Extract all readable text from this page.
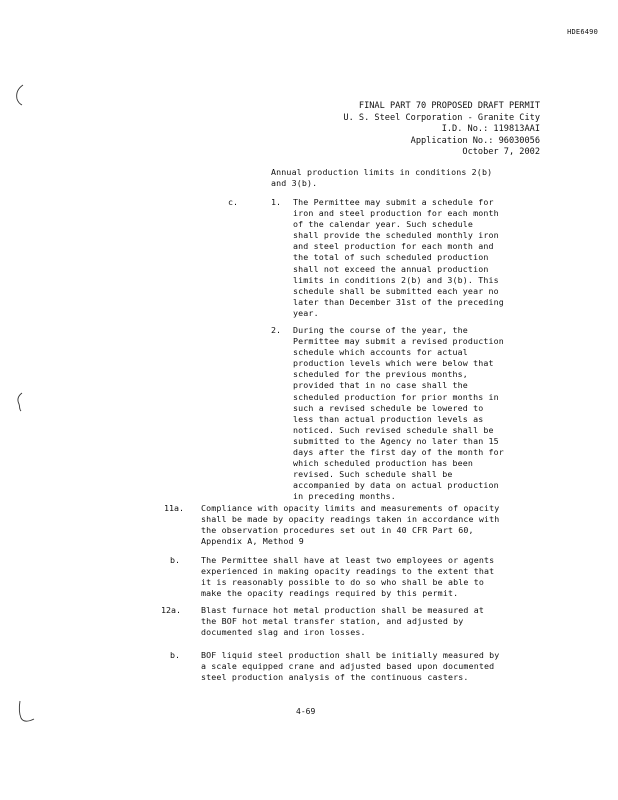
HDE6490
FINAL PART 70 PROPOSED DRAFT PERMIT
U. S. Steel Corporation - Granite City
I.D. No.: 119813AAI
Application No.: 96030056
October 7, 2002
Annual production limits in conditions 2(b)
and 3(b).
c.	1. The Permittee may submit a schedule for
iron and steel production for each month
of the calendar year. Such schedule
shall provide the scheduled monthly iron
and steel production for each month and
the total of such scheduled production
shall not exceed the annual production
limits in conditions 2(b) and 3(b). This
schedule shall be submitted each year no
later than December 31st of the preceding
year.
2. During the course of the year, the
Permittee may submit a revised production
schedule which accounts for actual
production levels which were below that
scheduled for the previous months,
provided that in no case shall the
scheduled production for prior months in
such a revised schedule be lowered to
less than actual production levels as
noticed. Such revised schedule shall be
submitted to the Agency no later than 15
days after the first day of the month for
which scheduled production has been
revised. Such schedule shall be
accompanied by data on actual production
in preceding months.
11a. Compliance with opacity limits and measurements of opacity
shall be made by opacity readings taken in accordance with
the observation procedures set out in 40 CFR Part 60,
Appendix A, Method 9
b.	The Permittee shall have at least two employees or agents
experienced in making opacity readings to the extent that
it is reasonably possible to do so who shall be able to
make the opacity readings required by this permit.
12a. Blast furnace hot metal production shall be measured at
the BOF hot metal transfer station, and adjusted by
documented slag and iron losses.
b.	BOF liquid steel production shall be initially measured by
a scale equipped crane and adjusted based upon documented
steel production analysis of the continuous casters.
4-69
